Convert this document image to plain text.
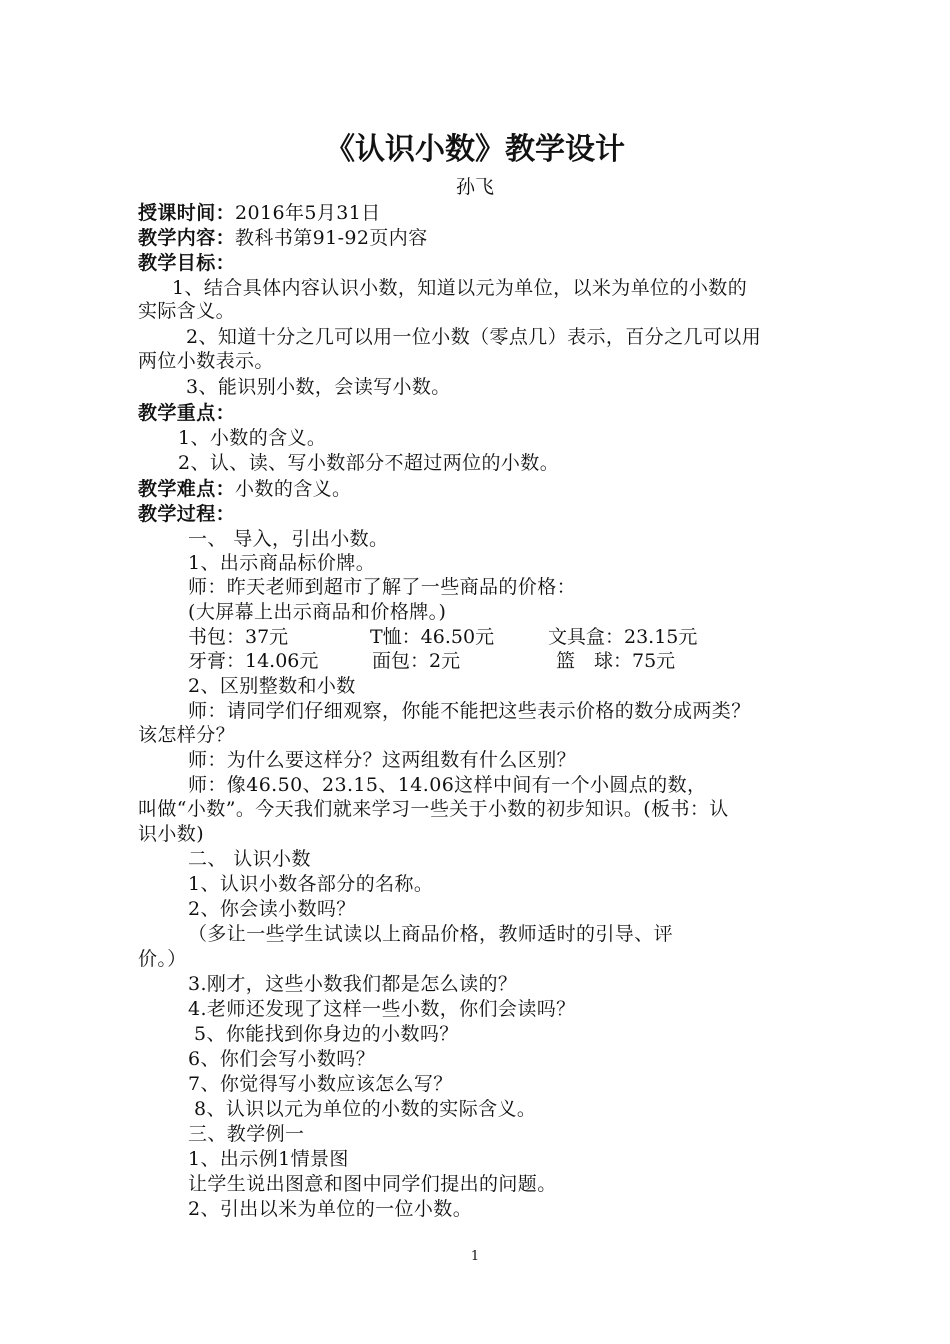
《认识小数》教学设计
孙飞
授课时间：2016年5月31日
教学内容：教科书第91-92页内容
教学目标：
1、结合具体内容认识小数，知道以元为单位，以米为单位的小数的
实际含义。
2、知道十分之几可以用一位小数（零点几）表示，百分之几可以用
两位小数表示。
3、能识别小数，会读写小数。
教学重点：
1、小数的含义。
2、认、读、写小数部分不超过两位的小数。
教学难点：小数的含义。
教学过程：
一、 导入，引出小数。
1、出示商品标价牌。
师：昨天老师到超市了解了一些商品的价格：
(大屏幕上出示商品和价格牌。)
书包：37元	T恤：46.50元	文具盒：23.15元
牙膏：14.06元	面包：2元	篮　球：75元
2、区别整数和小数
师：请同学们仔细观察，你能不能把这些表示价格的数分成两类？
该怎样分？
师：为什么要这样分？这两组数有什么区别？
师：像46.50、23.15、14.06这样中间有一个小圆点的数，
叫做“小数”。今天我们就来学习一些关于小数的初步知识。(板书：认
识小数)
二、 认识小数
1、认识小数各部分的名称。
2、你会读小数吗？
（多让一些学生试读以上商品价格，教师适时的引导、评
价。）
3.刚才，这些小数我们都是怎么读的？
4.老师还发现了这样一些小数，你们会读吗？
5、你能找到你身边的小数吗？
6、你们会写小数吗？
7、你觉得写小数应该怎么写？
8、认识以元为单位的小数的实际含义。
三、教学例一
1、出示例1情景图
让学生说出图意和图中同学们提出的问题。
2、引出以米为单位的一位小数。
1
